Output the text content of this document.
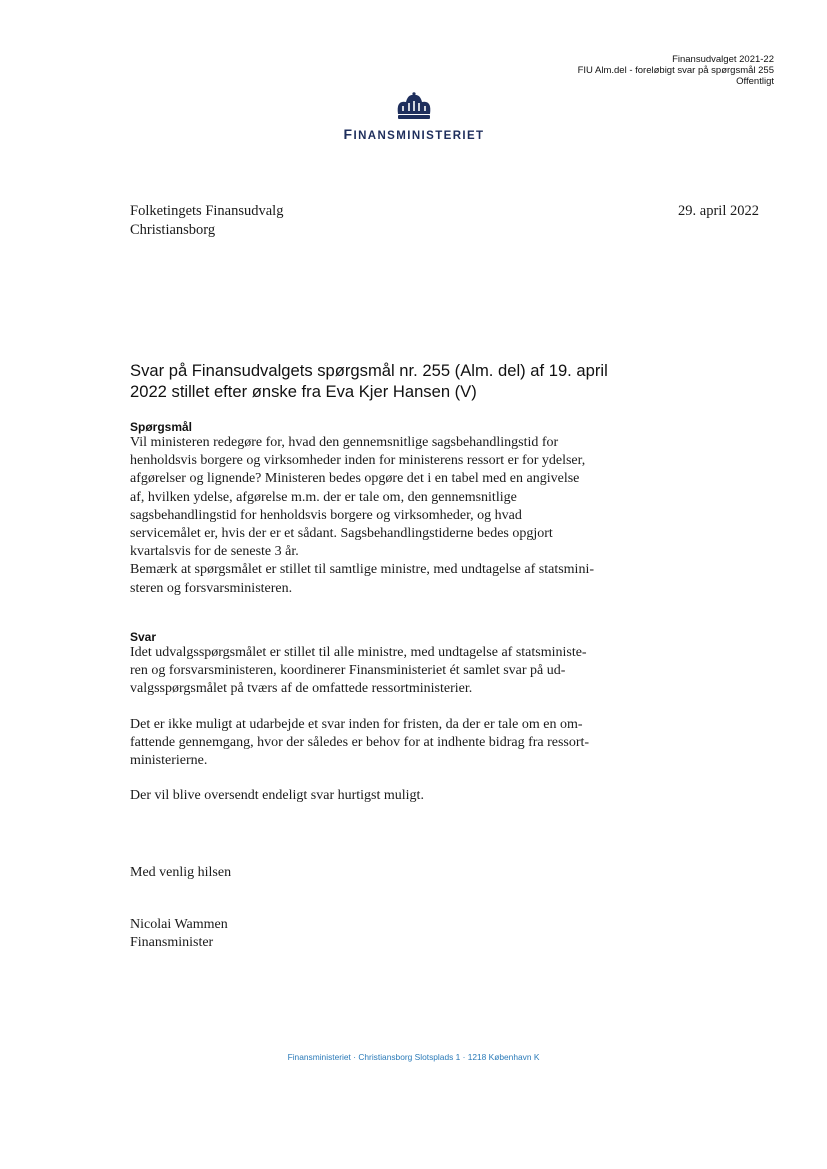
Finansudvalget 2021-22
FIU Alm.del - foreløbigt svar på spørgsmål 255
Offentligt
FINANSMINISTERIET
Folketingets Finansudvalg
Christiansborg
29. april 2022
Svar på Finansudvalgets spørgsmål nr. 255 (Alm. del) af 19. april
2022 stillet efter ønske fra Eva Kjer Hansen (V)
Spørgsmål
Vil ministeren redegøre for, hvad den gennemsnitlige sagsbehandlingstid for
henholdsvis borgere og virksomheder inden for ministerens ressort er for ydelser,
afgørelser og lignende? Ministeren bedes opgøre det i en tabel med en angivelse
af, hvilken ydelse, afgørelse m.m. der er tale om, den gennemsnitlige
sagsbehandlingstid for henholdsvis borgere og virksomheder, og hvad
servicemålet er, hvis der er et sådant. Sagsbehandlingstiderne bedes opgjort
kvartalsvis for de seneste 3 år.
Bemærk at spørgsmålet er stillet til samtlige ministre, med undtagelse af statsmini-
steren og forsvarsministeren.
Svar
Idet udvalgsspørgsmålet er stillet til alle ministre, med undtagelse af statsministe-
ren og forsvarsministeren, koordinerer Finansministeriet ét samlet svar på ud-
valgsspørgsmålet på tværs af de omfattede ressortministerier.
Det er ikke muligt at udarbejde et svar inden for fristen, da der er tale om en om-
fattende gennemgang, hvor der således er behov for at indhente bidrag fra ressort-
ministerierne.
Der vil blive oversendt endeligt svar hurtigst muligt.
Med venlig hilsen
Nicolai Wammen
Finansminister
Finansministeriet · Christiansborg Slotsplads 1 · 1218 København K
